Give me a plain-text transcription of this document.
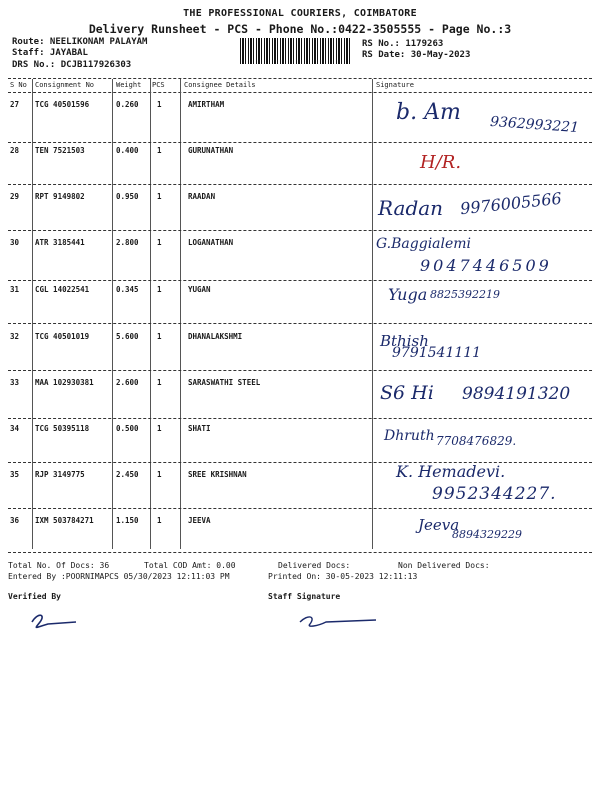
THE PROFESSIONAL COURIERS, COIMBATORE
Delivery Runsheet - PCS - Phone No.:0422-3505555 - Page No.:3
Route: NEELIKONAM PALAYAM
Staff: JAYABAL
DRS No.: DCJB117926303
RS No.: 1179263
RS Date: 30-May-2023
S No Consignment No	Weight PCS	Consignee Details	Signature
27 TCG 40501596	0.260 1	AMIRTHAM	b. Am 9362993221
28 TEN 7521503	0.400 1	GURUNATHAN
H/R.
29 RPT 9149802	0.950 1	RAADAN	Radan 9976005566
30 ATR 3185441	2.800 1	LOGANATHAN	G.Baggialemi
9047446509
31 CGL 14022541	0.345 1	YUGAN	Yuga 8825392219
32 TCG 40501019	5.600 1	DHANALAKSHMI	Bthish
9791541111
33 MAA 102930381	2.600 1	SARASWATHI STEEL	S6 Hi 9894191320
34 TCG 50395118	0.500 1	SHATI	Dhruth 7708476829.
35 RJP 3149775	2.450 1	SREE KRISHNAN	K. Hemadevi.
9952344227.
36 IXM 503784271	1.150 1	JEEVA	Jeeva
8894329229
Total No. Of Docs: 36	Total COD Amt: 0.00	Delivered Docs:	Non Delivered Docs:
Entered By :POORNIMAPCS 05/30/2023 12:11:03 PM	Printed On: 30-05-2023 12:11:13
Verified By	Staff Signature
